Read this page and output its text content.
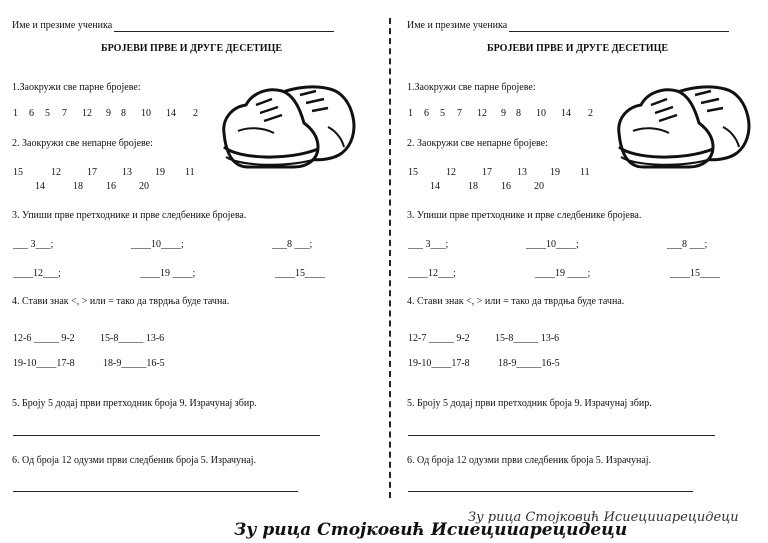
Име и презиме ученика
БРОЈЕВИ ПРВЕ И ДРУГЕ ДЕСЕТИЦЕ
1.Заокружи све парне бројеве:
1 6 5 7 12 9 8 10 14 2
2. Заокружи све непарне бројеве:
15	12	17	13 19 11
14	18 16 20
3. Упиши прве претходнике и прве следбенике бројева.
___ 3___;	____10____;	___8 ___;
____12___;	____19 ____;	____15____
4. Стави знак <, > или = тако да тврдња буде тачна.
12-6 _____ 9-2	15-8_____ 13-6
19-10____17-8	18-9_____16-5
5. Броју 5 додај први претходник броја 9. Израчунај збир.
6. Од броја 12 одузми први следбеник броја 5. Израчунај.
Име и презиме ученика
БРОЈЕВИ ПРВЕ И ДРУГЕ ДЕСЕТИЦЕ
1.Заокружи све парне бројеве:
1 6 5 7 12 9 8 10 14 2
2. Заокружи све непарне бројеве:
15	12	17	13 19 11
14	18 16 20
3. Упиши прве претходнике и прве следбенике бројева.
___ 3___;	____10____;	___8 ___;
____12___;	____19 ____;	____15____
4. Стави знак <, > или = тако да тврдња буде тачна.
12-7 _____ 9-2	15-8_____ 13-6
19-10____17-8	18-9_____16-5
5. Броју 5 додај први претходник броја 9. Израчунај збир.
6. Од броја 12 одузми први следбеник броја 5. Израчунај.
Зу рица Стојковић Исиецииарецидеци
Зу рица Стојковић Исиецииарецидеци
